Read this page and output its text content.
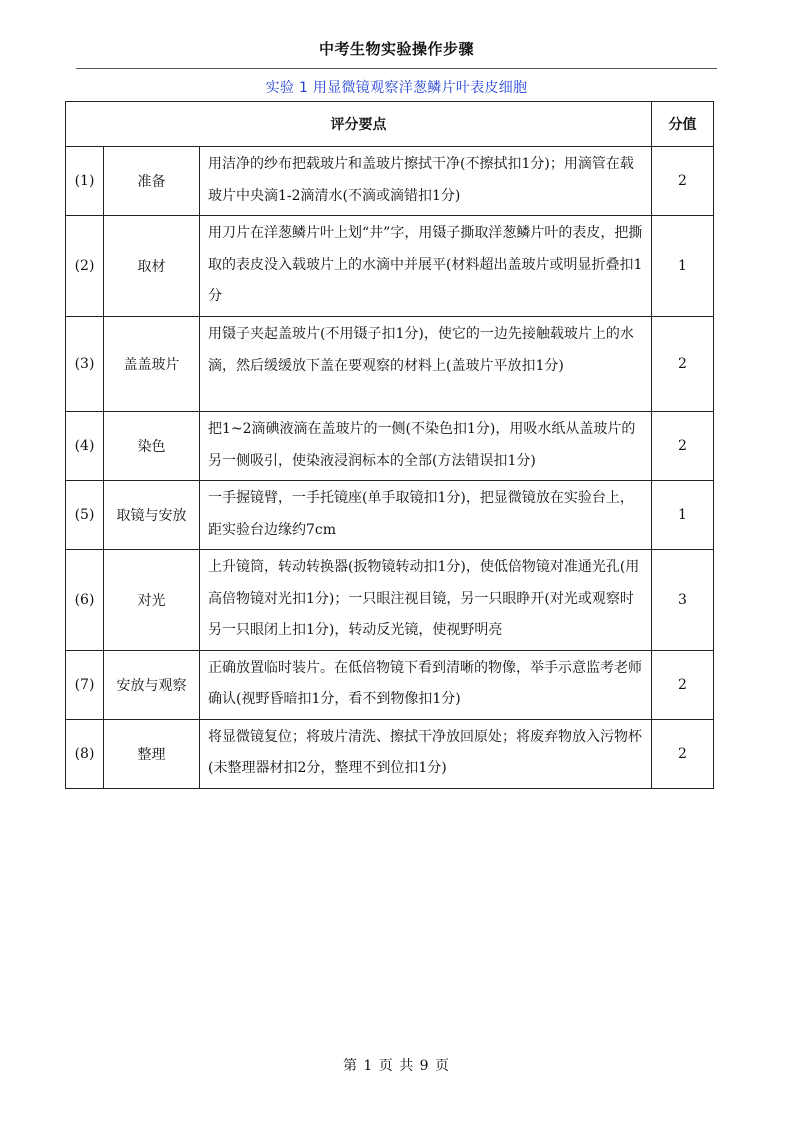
中考生物实验操作步骤
实验 1 用显微镜观察洋葱鳞片叶表皮细胞
评分要点			分值
(1)	准备	用洁净的纱布把载玻片和盖玻片擦拭干净(不擦拭扣1分)；用滴管在载玻片中央滴1-2滴清水(不滴或滴错扣1分)	2
(2)	取材	用刀片在洋葱鳞片叶上划“井”字，用镊子撕取洋葱鳞片叶的表皮，把撕取的表皮没入载玻片上的水滴中并展平(材料超出盖玻片或明显折叠扣1分	1
(3)	盖盖玻片	用镊子夹起盖玻片(不用镊子扣1分)，使它的一边先接触载玻片上的水滴，然后缓缓放下盖在要观察的材料上(盖玻片平放扣1分)	2
(4)	染色	把1~2滴碘液滴在盖玻片的一侧(不染色扣1分)，用吸水纸从盖玻片的另一侧吸引，使染液浸润标本的全部(方法错误扣1分)	2
(5)	取镜与安放	一手握镜臂，一手托镜座(单手取镜扣1分)，把显微镜放在实验台上，距实验台边缘约7cm	1
(6)	对光	上升镜筒，转动转换器(扳物镜转动扣1分)，使低倍物镜对准通光孔(用高倍物镜对光扣1分)；一只眼注视目镜，另一只眼睁开(对光或观察时另一只眼闭上扣1分)，转动反光镜，使视野明亮	3
(7)	安放与观察	正确放置临时装片。在低倍物镜下看到清晰的物像，举手示意监考老师确认(视野昏暗扣1分，看不到物像扣1分)	2
(8)	整理	将显微镜复位；将玻片清洗、擦拭干净放回原处；将废弃物放入污物杯(未整理器材扣2分，整理不到位扣1分)	2
第 1 页 共 9 页
